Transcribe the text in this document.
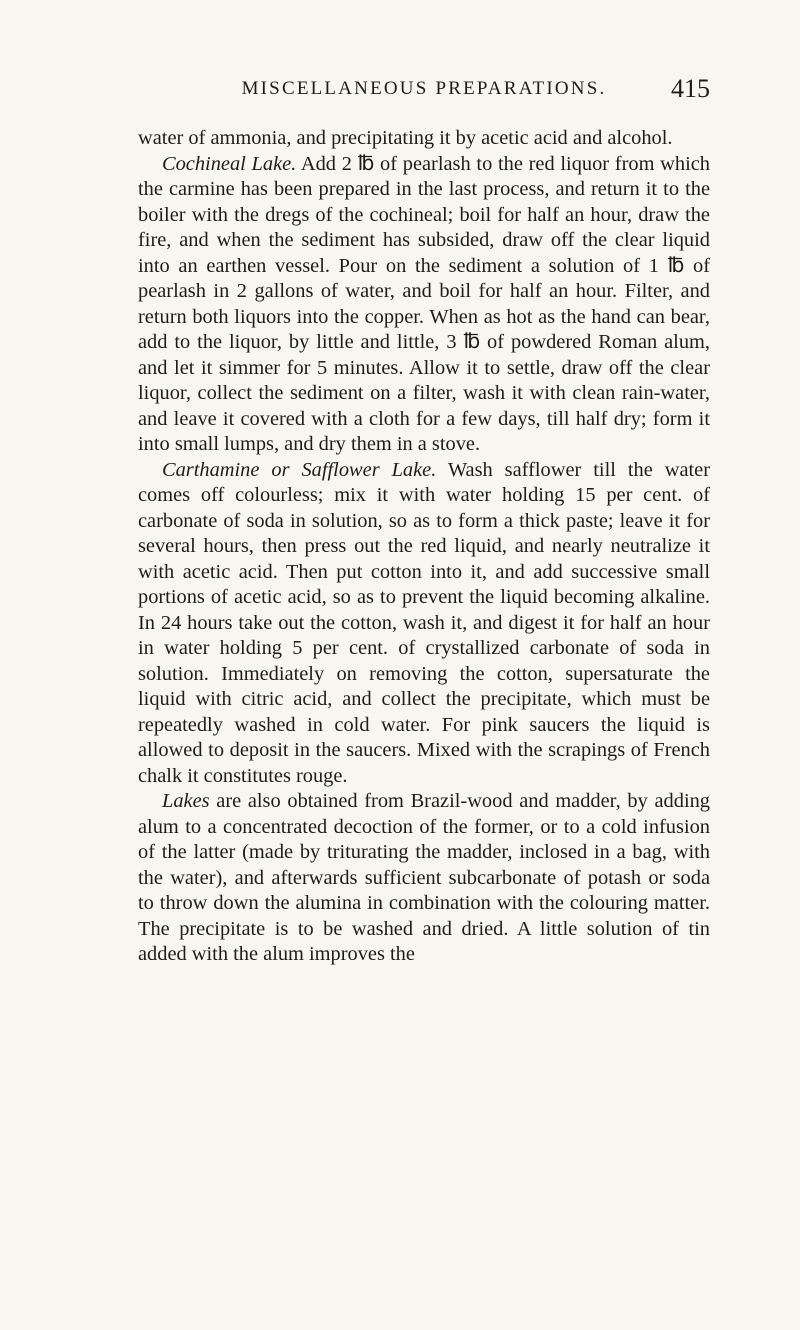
MISCELLANEOUS PREPARATIONS.	415

water of ammonia, and precipitating it by acetic acid and alcohol.

Cochineal Lake. Add 2 ℔ of pearlash to the red liquor from which the carmine has been prepared in the last process, and return it to the boiler with the dregs of the cochineal; boil for half an hour, draw the fire, and when the sediment has subsided, draw off the clear liquid into an earthen vessel. Pour on the sediment a solution of 1 ℔ of pearlash in 2 gallons of water, and boil for half an hour. Filter, and return both liquors into the copper. When as hot as the hand can bear, add to the liquor, by little and little, 3 ℔ of powdered Roman alum, and let it simmer for 5 minutes. Allow it to settle, draw off the clear liquor, collect the sediment on a filter, wash it with clean rain-water, and leave it covered with a cloth for a few days, till half dry; form it into small lumps, and dry them in a stove.

Carthamine or Safflower Lake. Wash safflower till the water comes off colourless; mix it with water holding 15 per cent. of carbonate of soda in solution, so as to form a thick paste; leave it for several hours, then press out the red liquid, and nearly neutralize it with acetic acid. Then put cotton into it, and add successive small portions of acetic acid, so as to prevent the liquid becoming alkaline. In 24 hours take out the cotton, wash it, and digest it for half an hour in water holding 5 per cent. of crystallized carbonate of soda in solution. Immediately on removing the cotton, supersaturate the liquid with citric acid, and collect the precipitate, which must be repeatedly washed in cold water. For pink saucers the liquid is allowed to deposit in the saucers. Mixed with the scrapings of French chalk it constitutes rouge.

Lakes are also obtained from Brazil-wood and madder, by adding alum to a concentrated decoction of the former, or to a cold infusion of the latter (made by triturating the madder, inclosed in a bag, with the water), and afterwards sufficient subcarbonate of potash or soda to throw down the alumina in combination with the colouring matter. The precipitate is to be washed and dried. A little solution of tin added with the alum improves the
